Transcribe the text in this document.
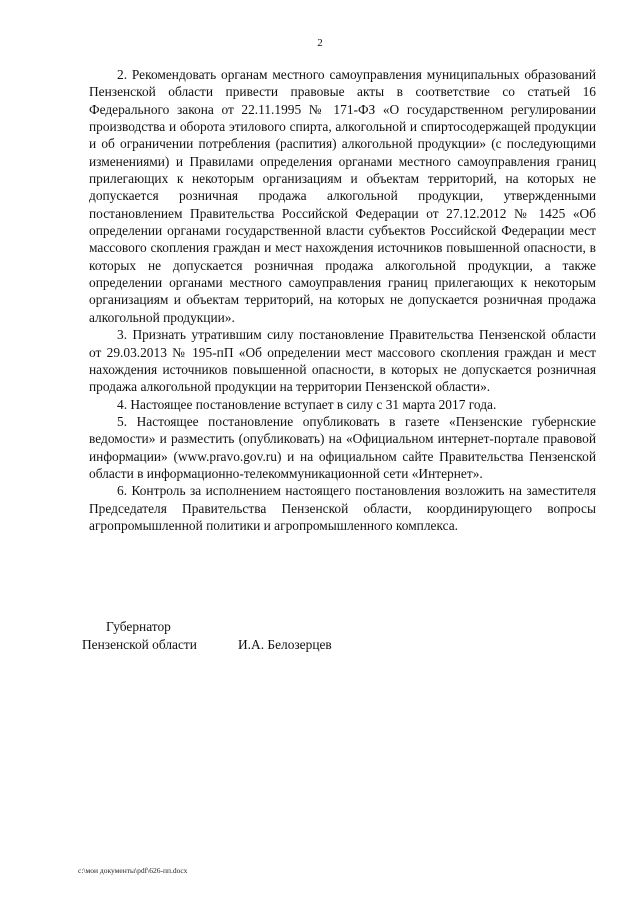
2

2. Рекомендовать органам местного самоуправления муниципальных образований Пензенской области привести правовые акты в соответствие со статьей 16 Федерального закона от 22.11.1995 № 171-ФЗ «О государственном регулировании производства и оборота этилового спирта, алкогольной и спиртосодержащей продукции и об ограничении потребления (распития) алкогольной продукции» (с последующими изменениями) и Правилами определения органами местного самоуправления границ прилегающих к некоторым организациям и объектам территорий, на которых не допускается розничная продажа алкогольной продукции, утвержденными постановлением Правительства Российской Федерации от 27.12.2012 № 1425 «Об определении органами государственной власти субъектов Российской Федерации мест массового скопления граждан и мест нахождения источников повышенной опасности, в которых не допускается розничная продажа алкогольной продукции, а также определении органами местного самоуправления границ прилегающих к некоторым организациям и объектам территорий, на которых не допускается розничная продажа алкогольной продукции».

3. Признать утратившим силу постановление Правительства Пензенской области от 29.03.2013 № 195-пП «Об определении мест массового скопления граждан и мест нахождения источников повышенной опасности, в которых не допускается розничная продажа алкогольной продукции на территории Пензенской области».

4. Настоящее постановление вступает в силу с 31 марта 2017 года.

5. Настоящее постановление опубликовать в газете «Пензенские губернские ведомости» и разместить (опубликовать) на «Официальном интернет-портале правовой информации» (www.pravo.gov.ru) и на официальном сайте Правительства Пензенской области в информационно-телекоммуникационной сети «Интернет».

6. Контроль за исполнением настоящего постановления возложить на заместителя Председателя Правительства Пензенской области, координирующего вопросы агропромышленной политики и агропромышленного комплекса.

Губернатор
Пензенской области	И.А. Белозерцев
c:\мои документы\pdf\626-пп.docx
